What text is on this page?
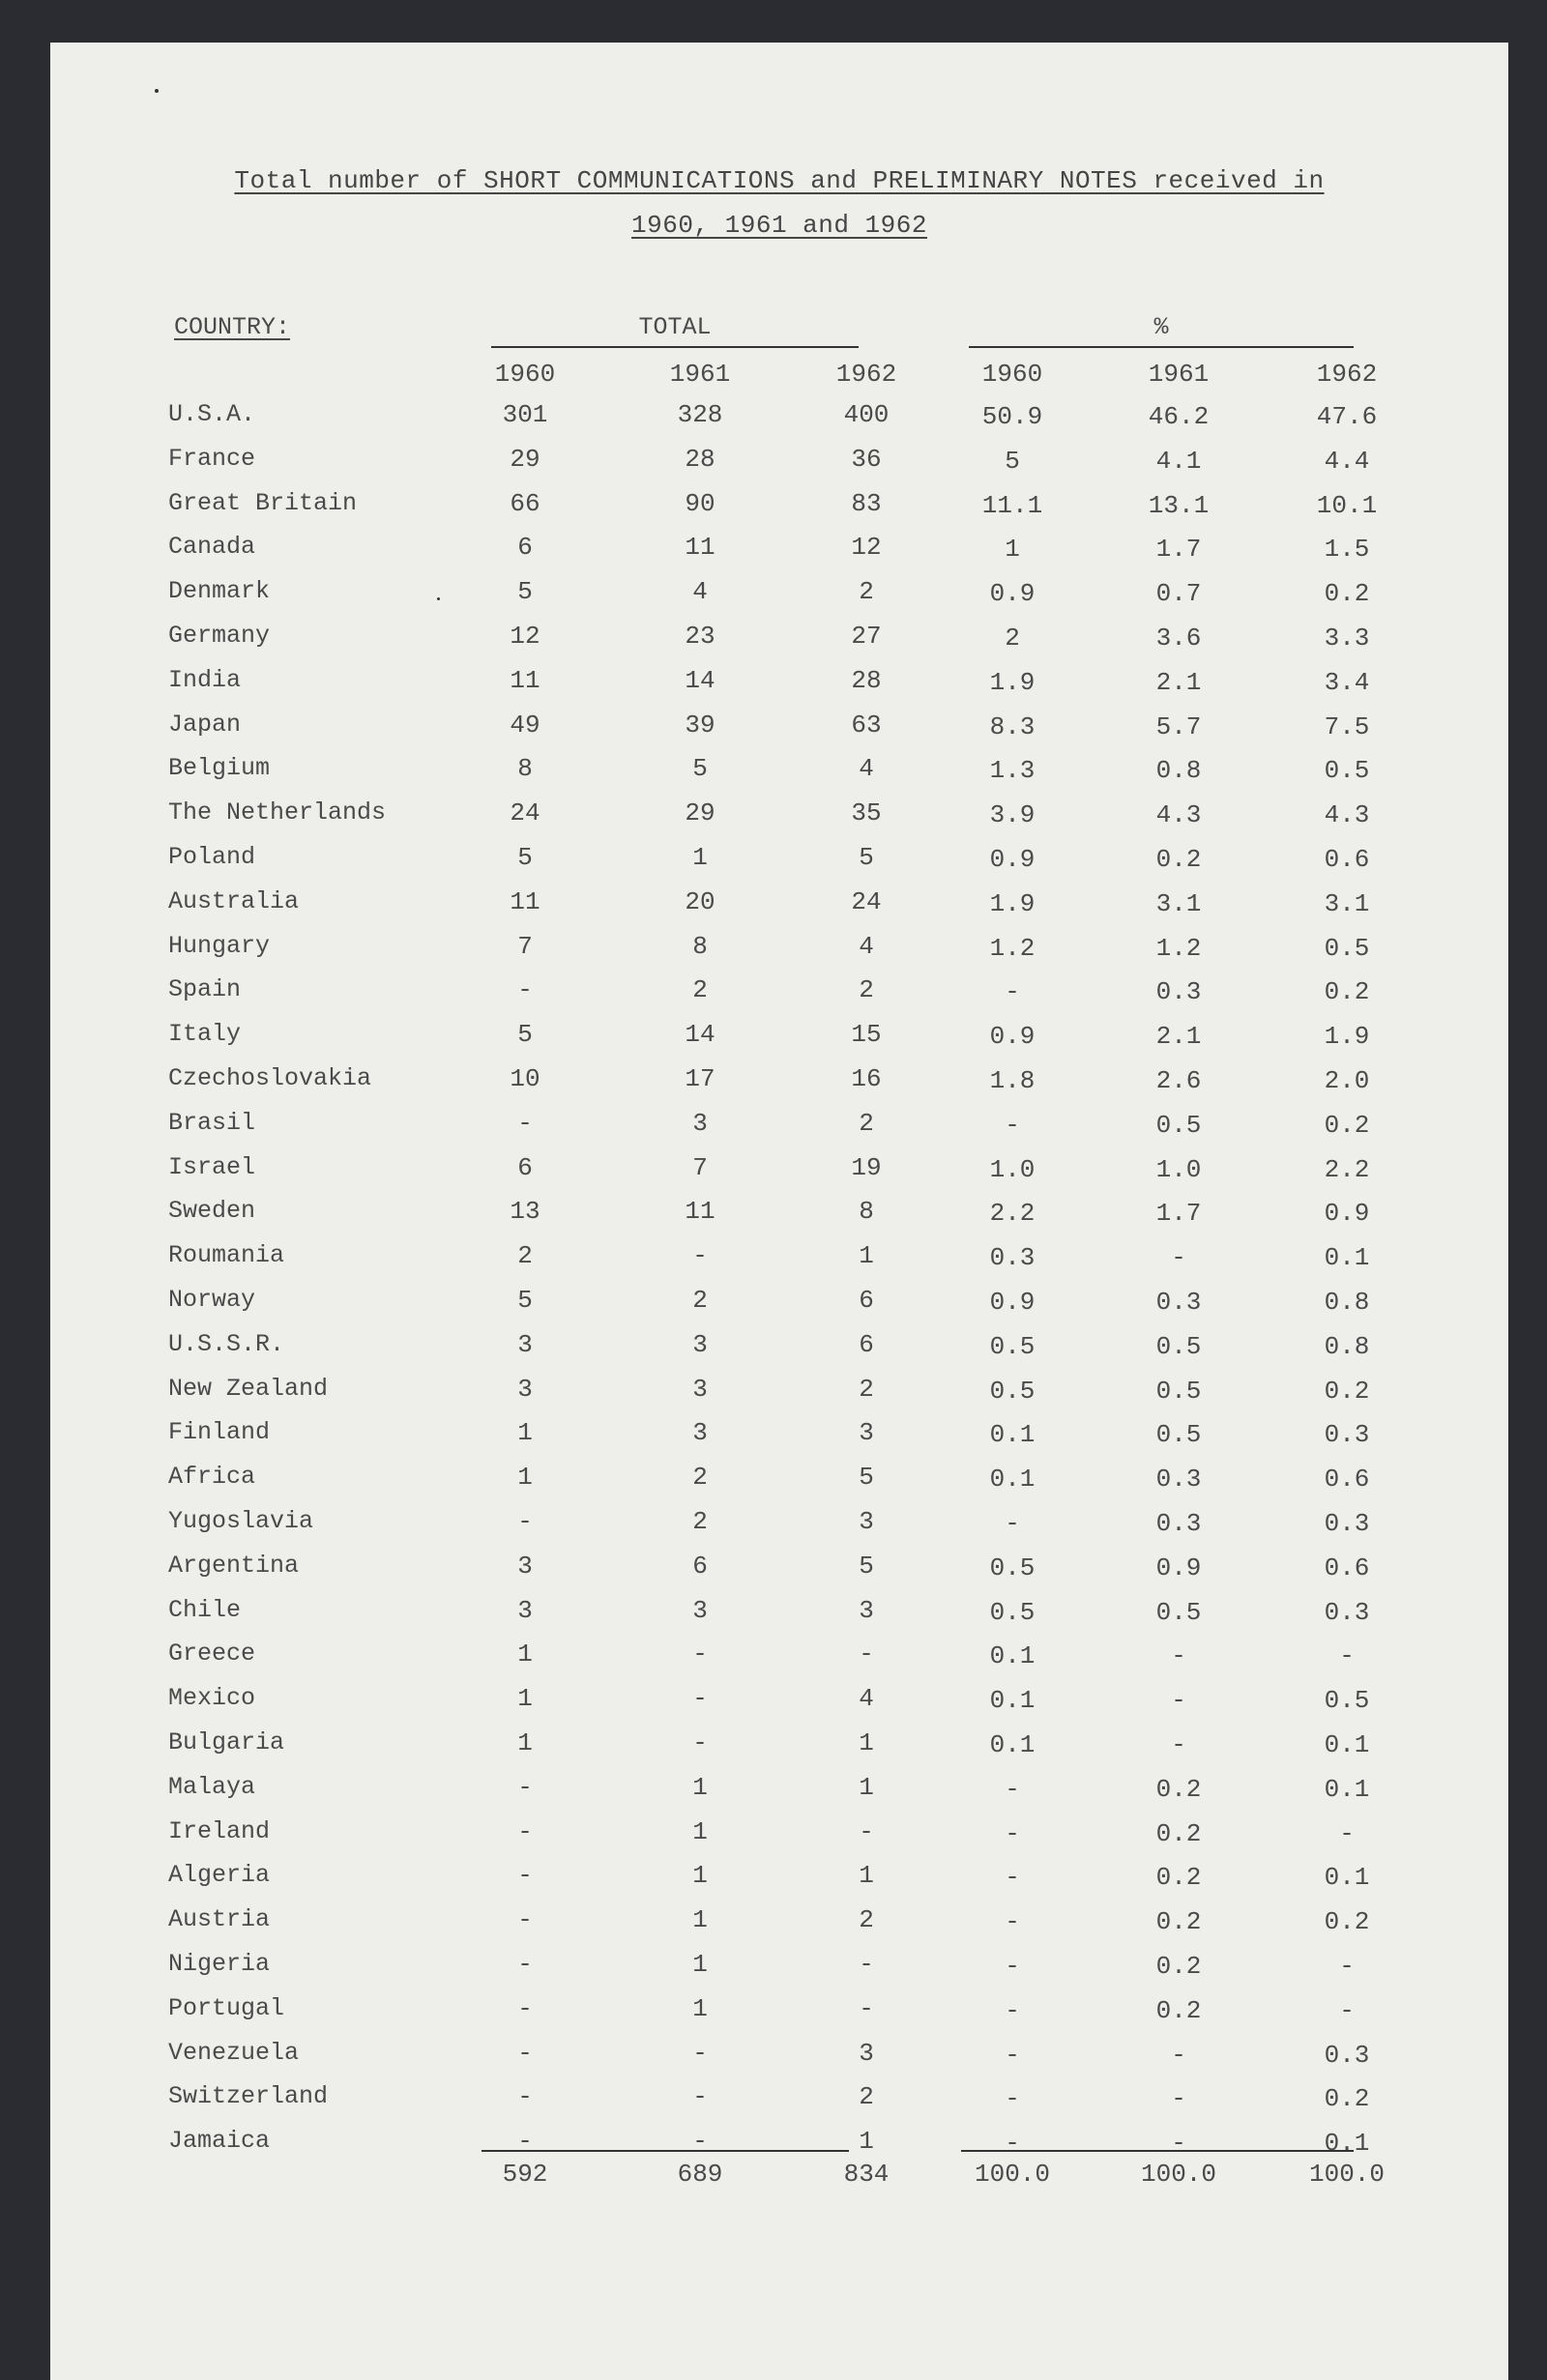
Total number of SHORT COMMUNICATIONS and PRELIMINARY NOTES received in
1960, 1961 and 1962
COUNTRY:	TOTAL	%
1960	1961	1962	1960	1961	1962
U.S.A.	301	328	400	50.9	46.2	47.6
France	29	28	36	5	4.1	4.4
Great Britain	66	90	83	11.1	13.1	10.1
Canada	6	11	12	1	1.7	1.5
Denmark	5	4	2	0.9	0.7	0.2
Germany	12	23	27	2	3.6	3.3
India	11	14	28	1.9	2.1	3.4
Japan	49	39	63	8.3	5.7	7.5
Belgium	8	5	4	1.3	0.8	0.5
The Netherlands	24	29	35	3.9	4.3	4.3
Poland	5	1	5	0.9	0.2	0.6
Australia	11	20	24	1.9	3.1	3.1
Hungary	7	8	4	1.2	1.2	0.5
Spain	-	2	2	-	0.3	0.2
Italy	5	14	15	0.9	2.1	1.9
Czechoslovakia	10	17	16	1.8	2.6	2.0
Brasil	-	3	2	-	0.5	0.2
Israel	6	7	19	1.0	1.0	2.2
Sweden	13	11	8	2.2	1.7	0.9
Roumania	2	-	1	0.3	-	0.1
Norway	5	2	6	0.9	0.3	0.8
U.S.S.R.	3	3	6	0.5	0.5	0.8
New Zealand	3	3	2	0.5	0.5	0.2
Finland	1	3	3	0.1	0.5	0.3
Africa	1	2	5	0.1	0.3	0.6
Yugoslavia	-	2	3	-	0.3	0.3
Argentina	3	6	5	0.5	0.9	0.6
Chile	3	3	3	0.5	0.5	0.3
Greece	1	-	-	0.1	-	-
Mexico	1	-	4	0.1	-	0.5
Bulgaria	1	-	1	0.1	-	0.1
Malaya	-	1	1	-	0.2	0.1
Ireland	-	1	-	-	0.2	-
Algeria	-	1	1	-	0.2	0.1
Austria	-	1	2	-	0.2	0.2
Nigeria	-	1	-	-	0.2	-
Portugal	-	1	-	-	0.2	-
Venezuela	-	-	3	-	-	0.3
Switzerland	-	-	2	-	-	0.2
Jamaica	-	-	1	-	-	0.1
592	689	834	100.0	100.0	100.0
